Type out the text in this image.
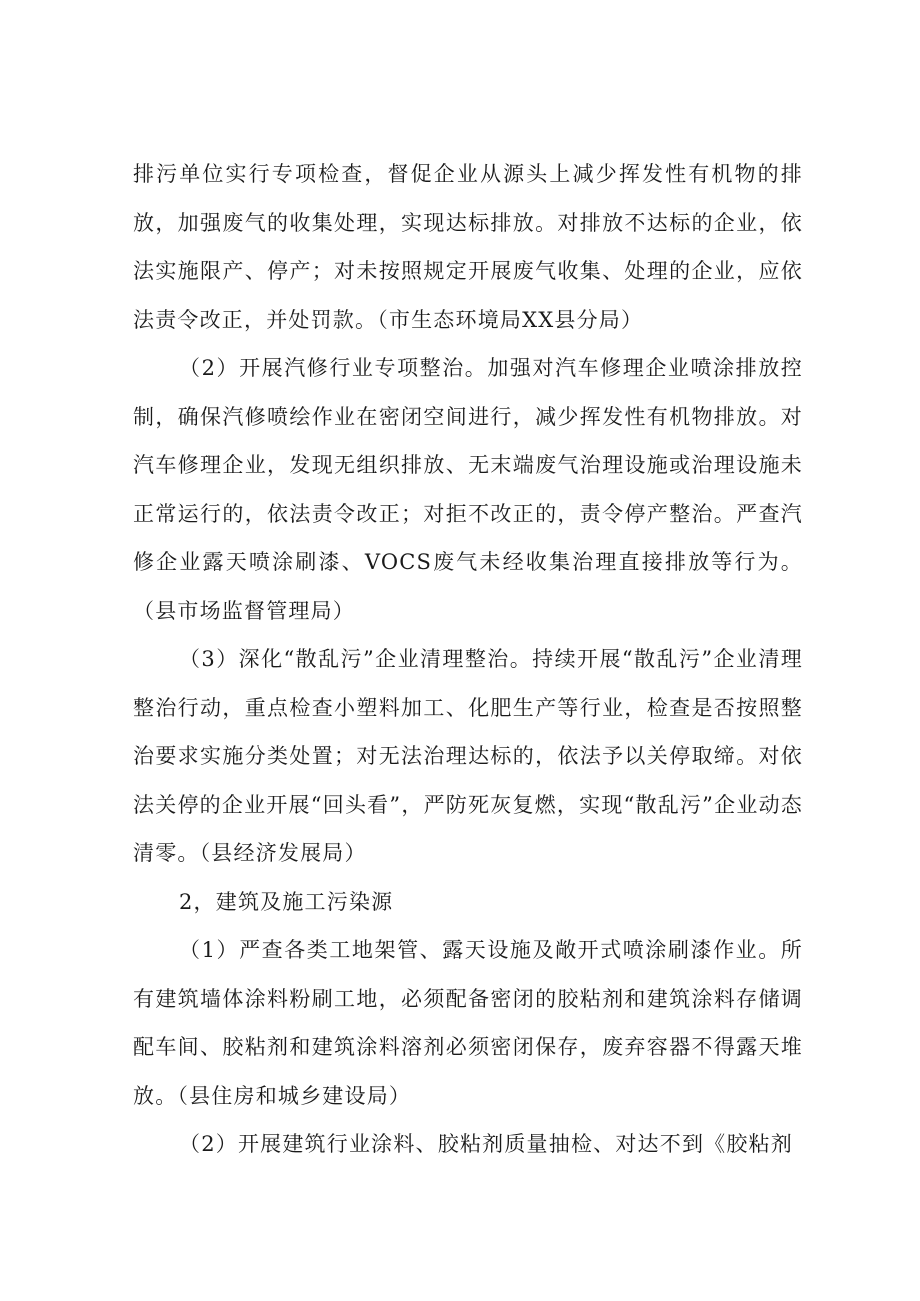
排污单位实行专项检查，督促企业从源头上减少挥发性有机物的排放，加强废气的收集处理，实现达标排放。对排放不达标的企业，依法实施限产、停产；对未按照规定开展废气收集、处理的企业，应依法责令改正，并处罚款。（市生态环境局XX县分局）

（2）开展汽修行业专项整治。加强对汽车修理企业喷涂排放控制，确保汽修喷绘作业在密闭空间进行，减少挥发性有机物排放。对汽车修理企业，发现无组织排放、无末端废气治理设施或治理设施未正常运行的，依法责令改正；对拒不改正的，责令停产整治。严查汽修企业露天喷涂刷漆、VOCS废气未经收集治理直接排放等行为。（县市场监督管理局）

（3）深化“散乱污”企业清理整治。持续开展“散乱污”企业清理整治行动，重点检查小塑料加工、化肥生产等行业，检查是否按照整治要求实施分类处置；对无法治理达标的，依法予以关停取缔。对依法关停的企业开展“回头看”，严防死灰复燃，实现“散乱污”企业动态清零。（县经济发展局）

2，建筑及施工污染源

（1）严查各类工地架管、露天设施及敞开式喷涂刷漆作业。所有建筑墙体涂料粉刷工地，必须配备密闭的胶粘剂和建筑涂料存储调配车间、胶粘剂和建筑涂料溶剂必须密闭保存，废弃容器不得露天堆放。（县住房和城乡建设局）

（2）开展建筑行业涂料、胶粘剂质量抽检、对达不到《胶粘剂
